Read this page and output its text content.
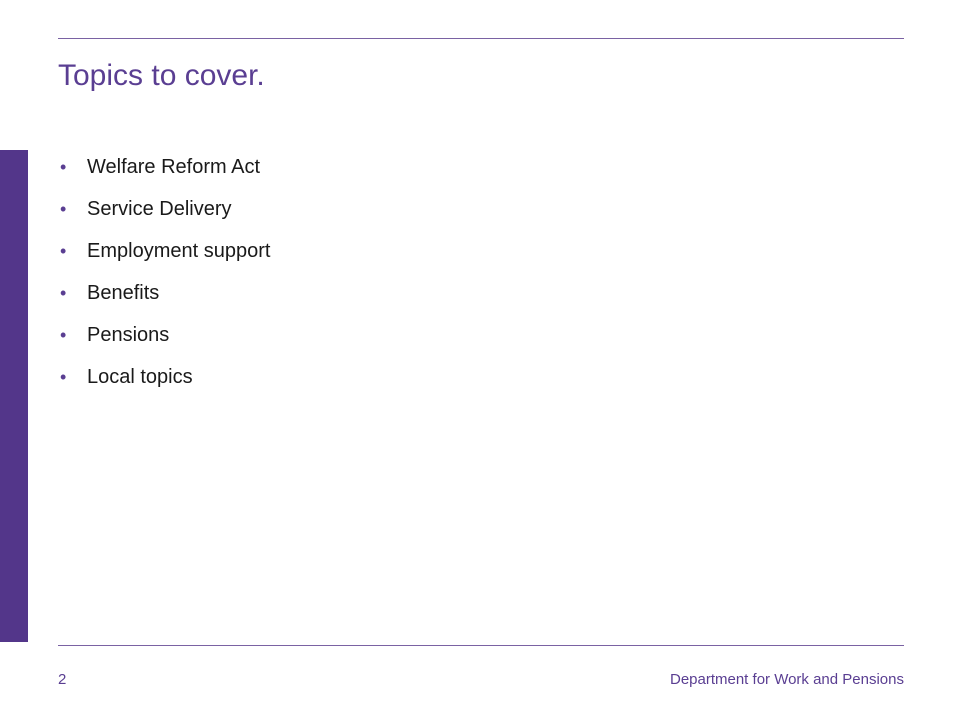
Topics to cover.
• Welfare Reform Act
• Service Delivery
• Employment support
• Benefits
• Pensions
• Local topics
2	Department for Work and Pensions
